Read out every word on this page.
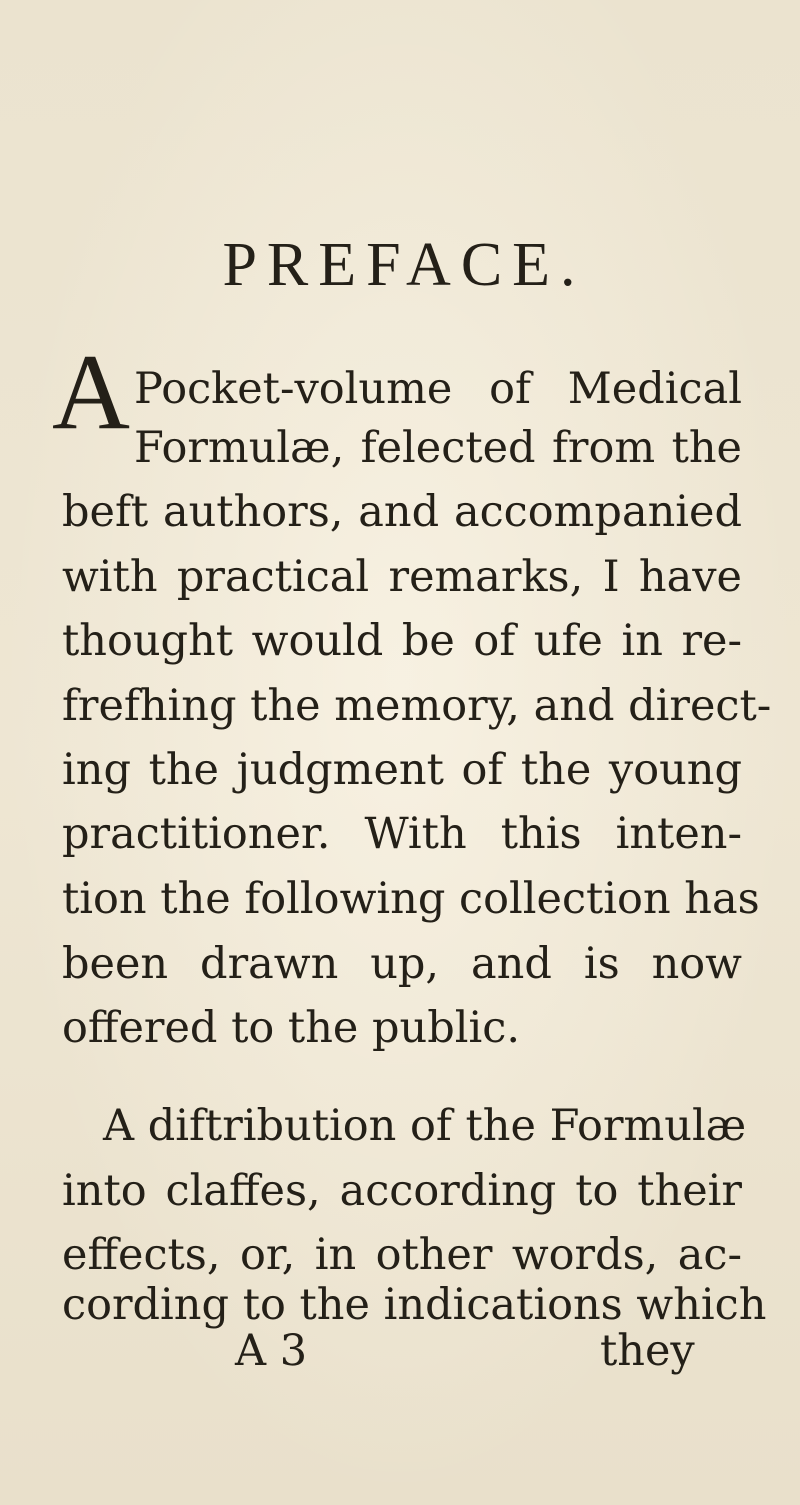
PREFACE.
A Pocket-volume of Medical
Formulæ, felected from the
beft authors, and accompanied
with practical remarks, I have
thought would be of ufe in re-
frefhing the memory, and direct-
ing the judgment of the young
practitioner. With this inten-
tion the following collection has
been drawn up, and is now
offered to the public.
A diftribution of the Formulæ
into claffes, according to their
effects, or, in other words, ac-
cording to the indications which
A 3	they
